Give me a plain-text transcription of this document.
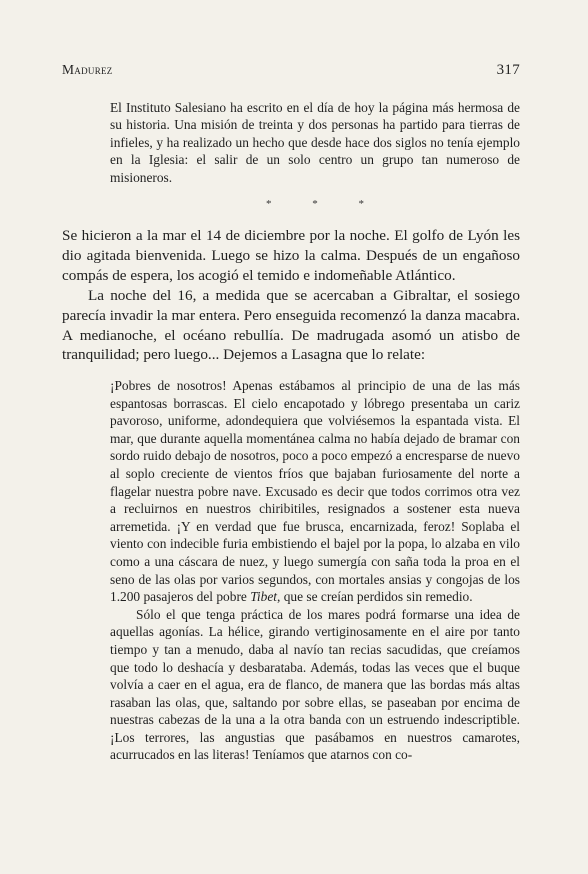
Madurez	317
El Instituto Salesiano ha escrito en el día de hoy la página más hermosa de su historia. Una misión de treinta y dos personas ha partido para tierras de infieles, y ha realizado un hecho que desde hace dos siglos no tenía ejemplo en la Iglesia: el salir de un solo centro un grupo tan numeroso de misioneros.
* * *

Se hicieron a la mar el 14 de diciembre por la noche. El golfo de Lyón les dio agitada bienvenida. Luego se hizo la calma. Después de un engañoso compás de espera, los acogió el temido e indomeñable Atlántico.

La noche del 16, a medida que se acercaban a Gibraltar, el sosiego parecía invadir la mar entera. Pero enseguida recomenzó la danza macabra. A medianoche, el océano rebullía. De madrugada asomó un atisbo de tranquilidad; pero luego... Dejemos a Lasagna que lo relate:

¡Pobres de nosotros! Apenas estábamos al principio de una de las más espantosas borrascas. El cielo encapotado y lóbrego presentaba un cariz pavoroso, uniforme, adondequiera que volviésemos la espantada vista. El mar, que durante aquella momentánea calma no había dejado de bramar con sordo ruido debajo de nosotros, poco a poco empezó a encresparse de nuevo al soplo creciente de vientos fríos que bajaban furiosamente del norte a flagelar nuestra pobre nave. Excusado es decir que todos corrimos otra vez a recluirnos en nuestros chiribitiles, resignados a sostener esta nueva arremetida. ¡Y en verdad que fue brusca, encarnizada, feroz! Soplaba el viento con indecible furia embistiendo el bajel por la popa, lo alzaba en vilo como a una cáscara de nuez, y luego sumergía con saña toda la proa en el seno de las olas por varios segundos, con mortales ansias y congojas de los 1.200 pasajeros del pobre Tibet, que se creían perdidos sin remedio.

Sólo el que tenga práctica de los mares podrá formarse una idea de aquellas agonías. La hélice, girando vertiginosamente en el aire por tanto tiempo y tan a menudo, daba al navío tan recias sacudidas, que creíamos que todo lo deshacía y desbarataba. Además, todas las veces que el buque volvía a caer en el agua, era de flanco, de manera que las bordas más altas rasaban las olas, que, saltando por sobre ellas, se paseaban por encima de nuestras cabezas de la una a la otra banda con un estruendo indescriptible. ¡Los terrores, las angustias que pasábamos en nuestros camarotes, acurrucados en las literas! Teníamos que atarnos con co-
